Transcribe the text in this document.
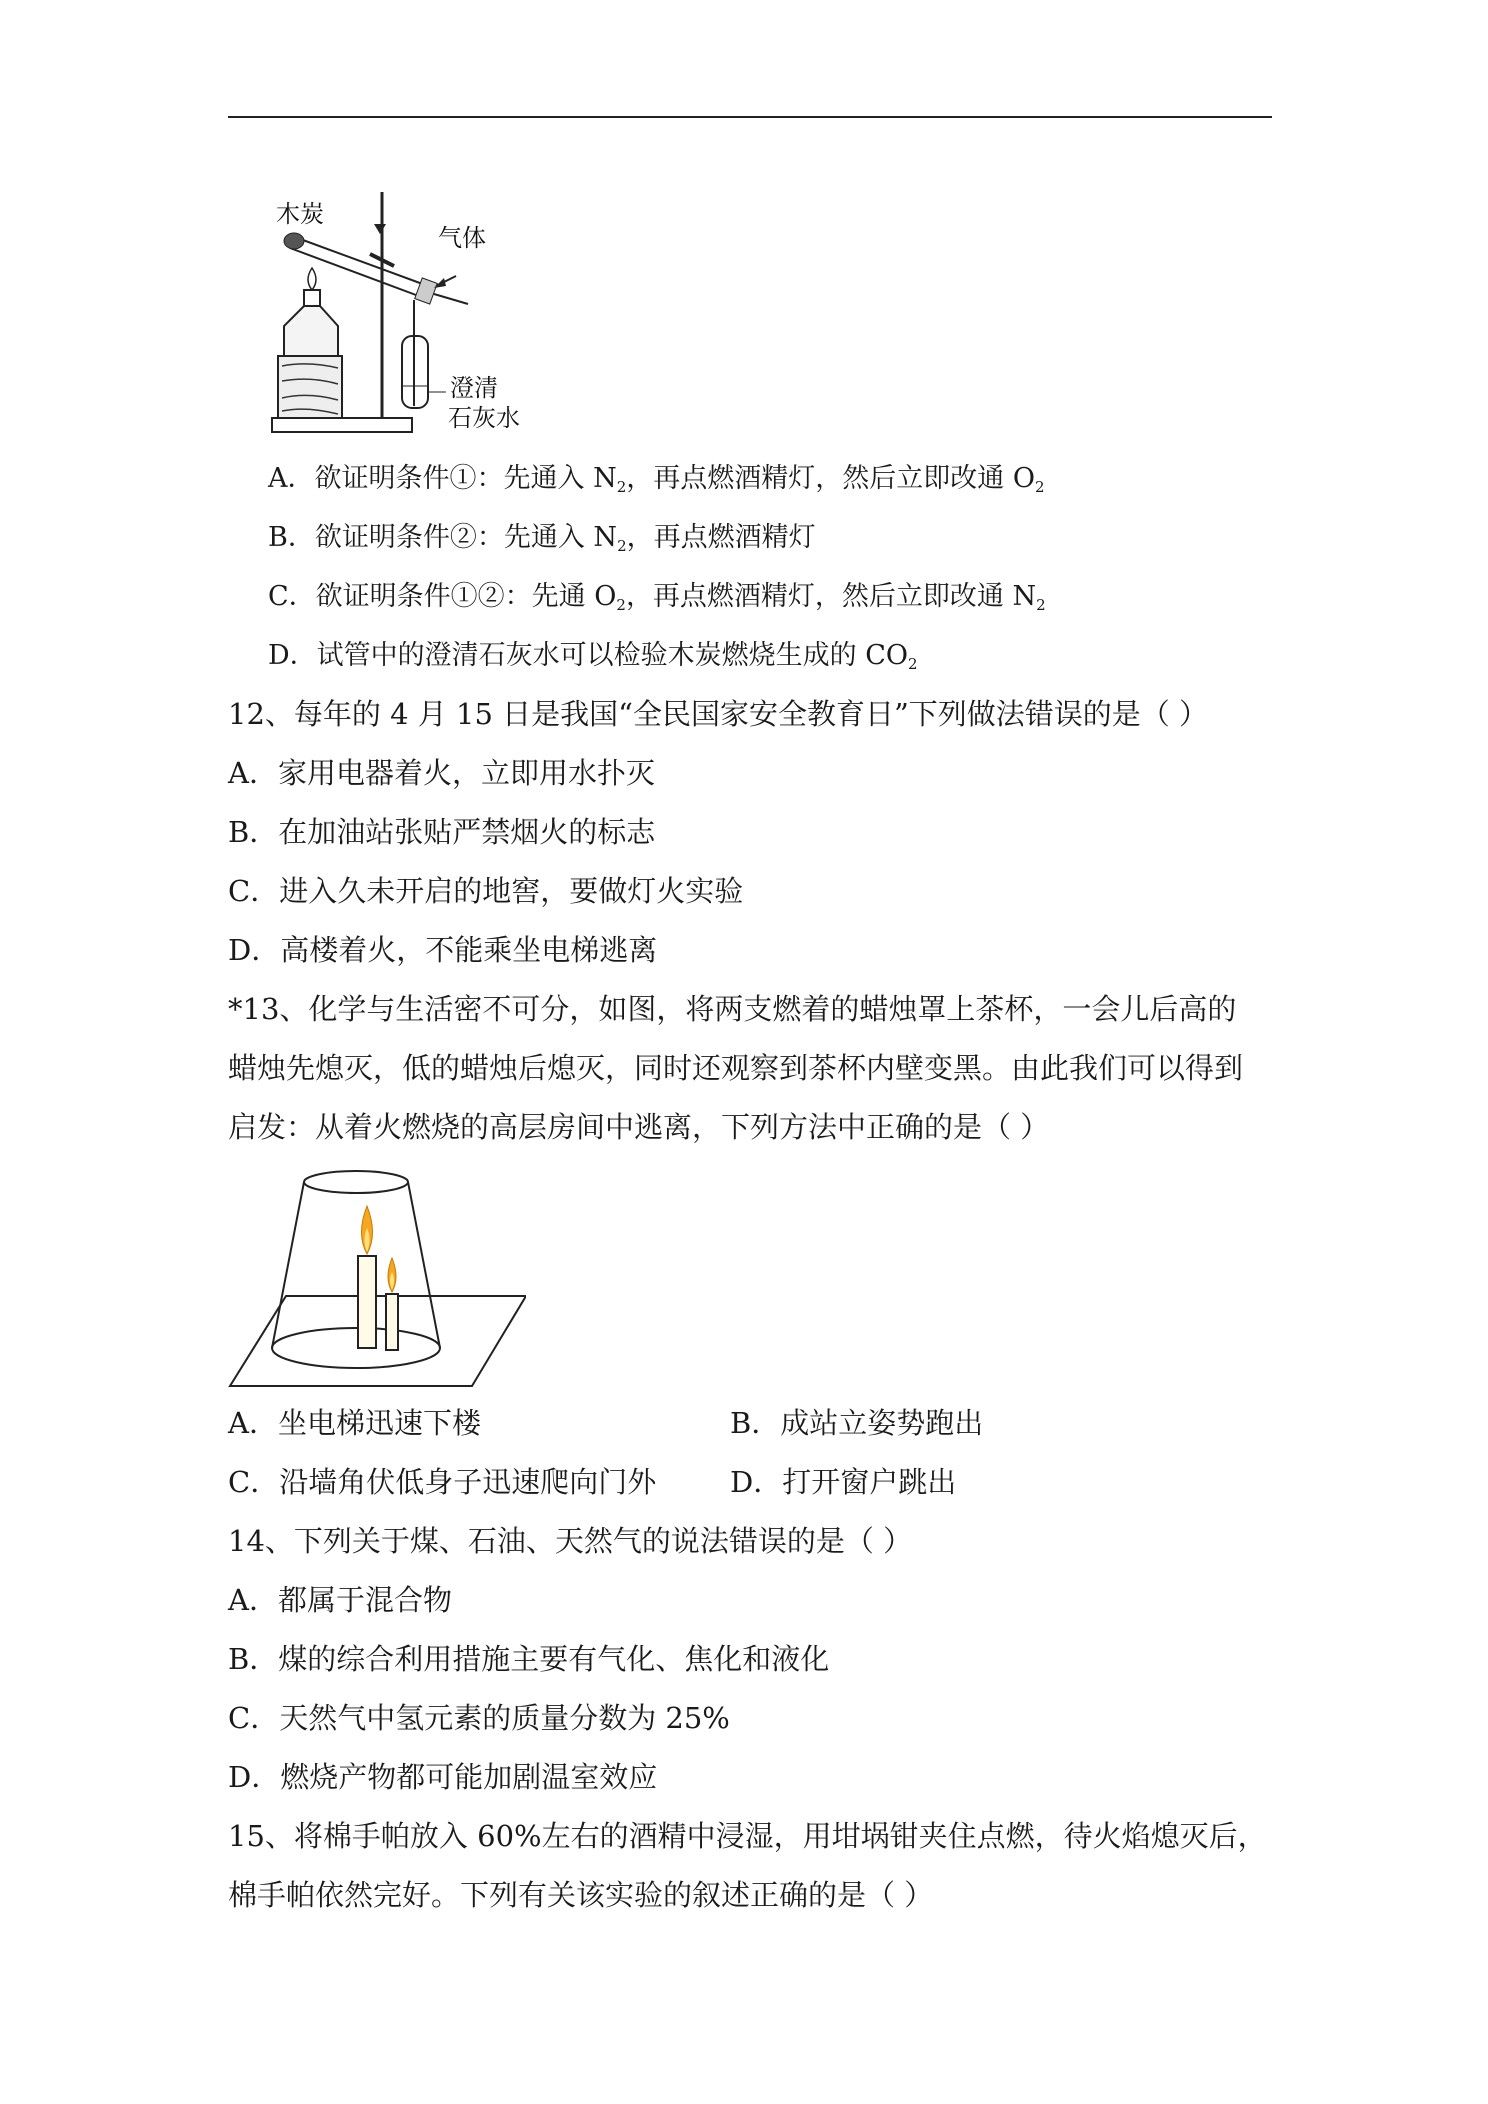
木炭
气体
澄清
石灰水
A．欲证明条件①：先通入 $N_2$，再点燃酒精灯，然后立即改通 $O_2$
B．欲证明条件②：先通入 $N_2$，再点燃酒精灯
C．欲证明条件①②：先通 $O_2$，再点燃酒精灯，然后立即改通 $N_2$
D．试管中的澄清石灰水可以检验木炭燃烧生成的 $CO_2$
12、每年的 4 月 15 日是我国“全民国家安全教育日”下列做法错误的是（ ）
A．家用电器着火，立即用水扑灭
B．在加油站张贴严禁烟火的标志
C．进入久未开启的地窖，要做灯火实验
D．高楼着火，不能乘坐电梯逃离
*13、化学与生活密不可分，如图，将两支燃着的蜡烛罩上茶杯，一会儿后高的
蜡烛先熄灭，低的蜡烛后熄灭，同时还观察到茶杯内壁变黑。由此我们可以得到
启发：从着火燃烧的高层房间中逃离，下列方法中正确的是（ ）
A．坐电梯迅速下楼	B．成站立姿势跑出
C．沿墙角伏低身子迅速爬向门外	D．打开窗户跳出
14、下列关于煤、石油、天然气的说法错误的是（ ）
A．都属于混合物
B．煤的综合利用措施主要有气化、焦化和液化
C．天然气中氢元素的质量分数为 25%
D．燃烧产物都可能加剧温室效应
15、将棉手帕放入 60%左右的酒精中浸湿，用坩埚钳夹住点燃，待火焰熄灭后，
棉手帕依然完好。下列有关该实验的叙述正确的是（ ）
